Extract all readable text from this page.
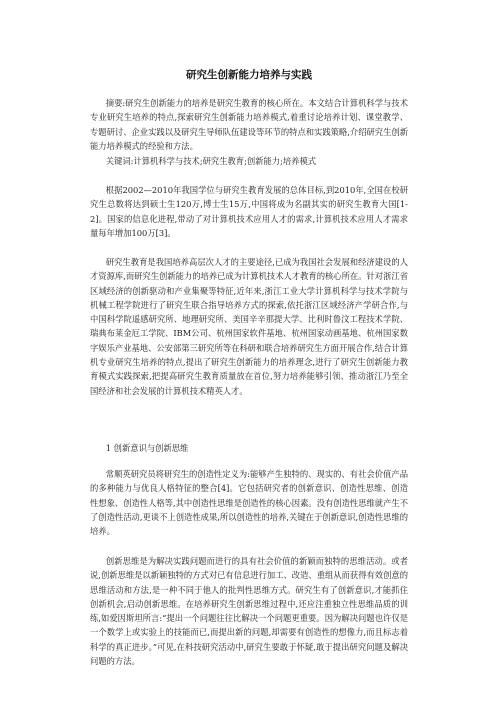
研究生创新能力培养与实践

摘要:研究生创新能力的培养是研究生教育的核心所在。本文结合计算机科学与技术专业研究生培养的特点,探索研究生创新能力培养模式,着重讨论培养计划、课堂教学、专题研讨、企业实践以及研究生导师队伍建设等环节的特点和实践策略,介绍研究生创新能力培养模式的经验和方法。

关键词:计算机科学与技术;研究生教育;创新能力;培养模式

根据2002—2010年我国学位与研究生教育发展的总体目标,到2010年,全国在校研究生总数将达到硕士生120万,博士生15万,中国将成为名副其实的研究生教育大国[1-2]。国家的信息化进程,带动了对计算机技术应用人才的需求,计算机技术应用人才需求量每年增加100万[3]。

研究生教育是我国培养高层次人才的主要途径,已成为我国社会发展和经济建设的人才资源库,而研究生创新能力的培养已成为计算机技术人才教育的核心所在。针对浙江省区域经济的创新驱动和产业集聚等特征,近年来,浙江工业大学计算机科学与技术学院与机械工程学院进行了研究生联合指导培养方式的探索,依托浙江区域经济产学研合作,与中国科学院遥感研究所、地理研究所、美国辛辛那提大学、比利时鲁汶工程技术学院、瑞典布莱金厄工学院、IBM公司、杭州国家软件基地、杭州国家动画基地、杭州国家数字娱乐产业基地、公安部第三研究所等在科研和联合培养研究生方面开展合作,结合计算机专业研究生培养的特点,提出了研究生创新能力的培养理念,进行了研究生创新能力教育模式实践探索,把提高研究生教育质量放在首位,努力培养能够引领、推动浙江乃至全国经济和社会发展的计算机技术精英人才。

1 创新意识与创新思维

常顺英研究员将研究生的创造性定义为:能够产生独特的、现实的、有社会价值产品的多种能力与优良人格特征的整合[4]。它包括研究者的创新意识、创造性思维、创造性想象、创造性人格等,其中创造性思维是创造性的核心因素。没有创造性思维就产生不了创造性活动,更谈不上创造性成果,所以创造性的培养,关键在于创新意识,创造性思维的培养。

创新思维是为解决实践问题而进行的具有社会价值的新颖而独特的思维活动。或者说,创新思维是以新颖独特的方式对已有信息进行加工、改造、重组从而获得有效创意的思维活动和方法,是一种不同于他人的批判性思维方式。研究生有了创新意识,才能抓住创新机会,启动创新思维。在培养研究生创新思维过程中,还应注重独立性思维品质的训练,如爱因斯坦所言:“提出一个问题往往比解决一个问题更重要。因为解决问题也许仅是一个数学上或实验上的技能而已,而提出新的问题,却需要有创造性的想像力,而且标志着科学的真正进步。”可见,在科技研究活动中,研究生要敢于怀疑,敢于提出研究问题及解决问题的方法。
